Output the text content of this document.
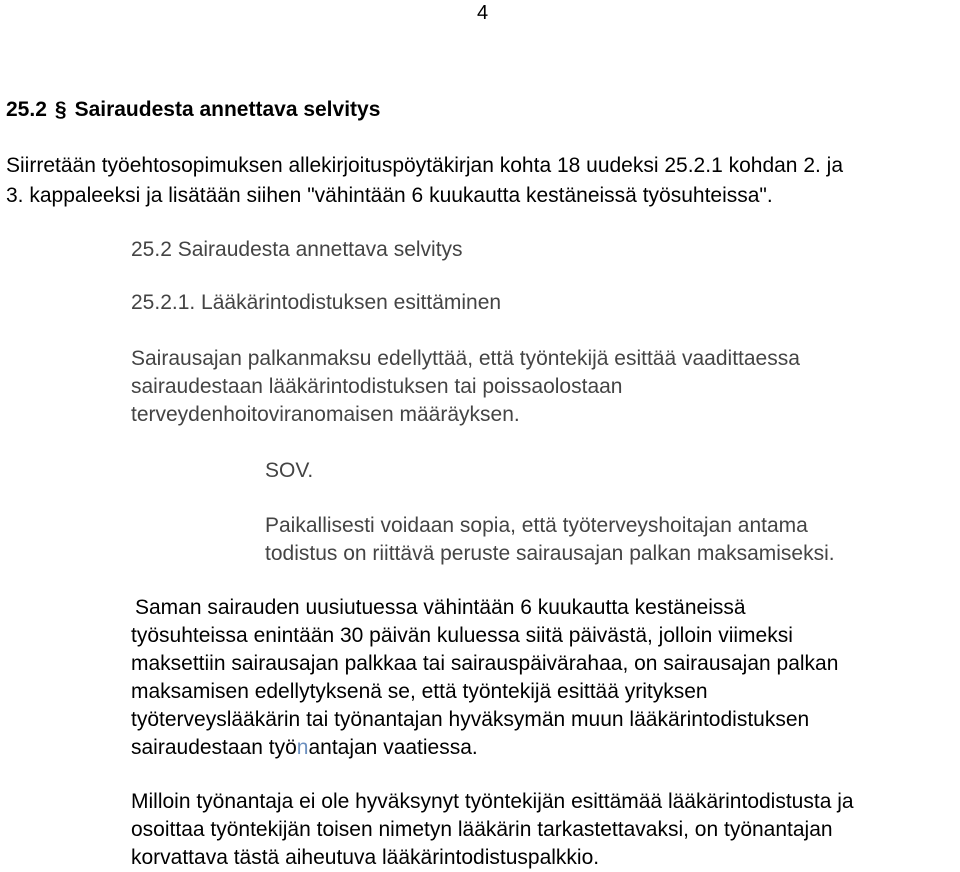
4
25.2 § Sairaudesta annettava selvitys
Siirretään työehtosopimuksen allekirjoituspöytäkirjan kohta 18 uudeksi 25.2.1 kohdan 2. ja
3. kappaleeksi ja lisätään siihen "vähintään 6 kuukautta kestäneissä työsuhteissa".
25.2 Sairaudesta annettava selvitys
25.2.1. Lääkärintodistuksen esittäminen
Sairausajan palkanmaksu edellyttää, että työntekijä esittää vaadittaessa
sairaudestaan lääkärintodistuksen tai poissaolostaan
terveydenhoitoviranomaisen määräyksen.
SOV.
Paikallisesti voidaan sopia, että työterveyshoitajan antama
todistus on riittävä peruste sairausajan palkan maksamiseksi.
Saman sairauden uusiutuessa vähintään 6 kuukautta kestäneissä
työsuhteissa enintään 30 päivän kuluessa siitä päivästä, jolloin viimeksi
maksettiin sairausajan palkkaa tai sairauspäivärahaa, on sairausajan palkan
maksamisen edellytyksenä se, että työntekijä esittää yrityksen
työterveyslääkärin tai työnantajan hyväksymän muun lääkärintodistuksen
sairaudestaan työnantajan vaatiessa.
Milloin työnantaja ei ole hyväksynyt työntekijän esittämää lääkärintodistusta ja
osoittaa työntekijän toisen nimetyn lääkärin tarkastettavaksi, on työnantajan
korvattava tästä aiheutuva lääkärintodistuspalkkio.
